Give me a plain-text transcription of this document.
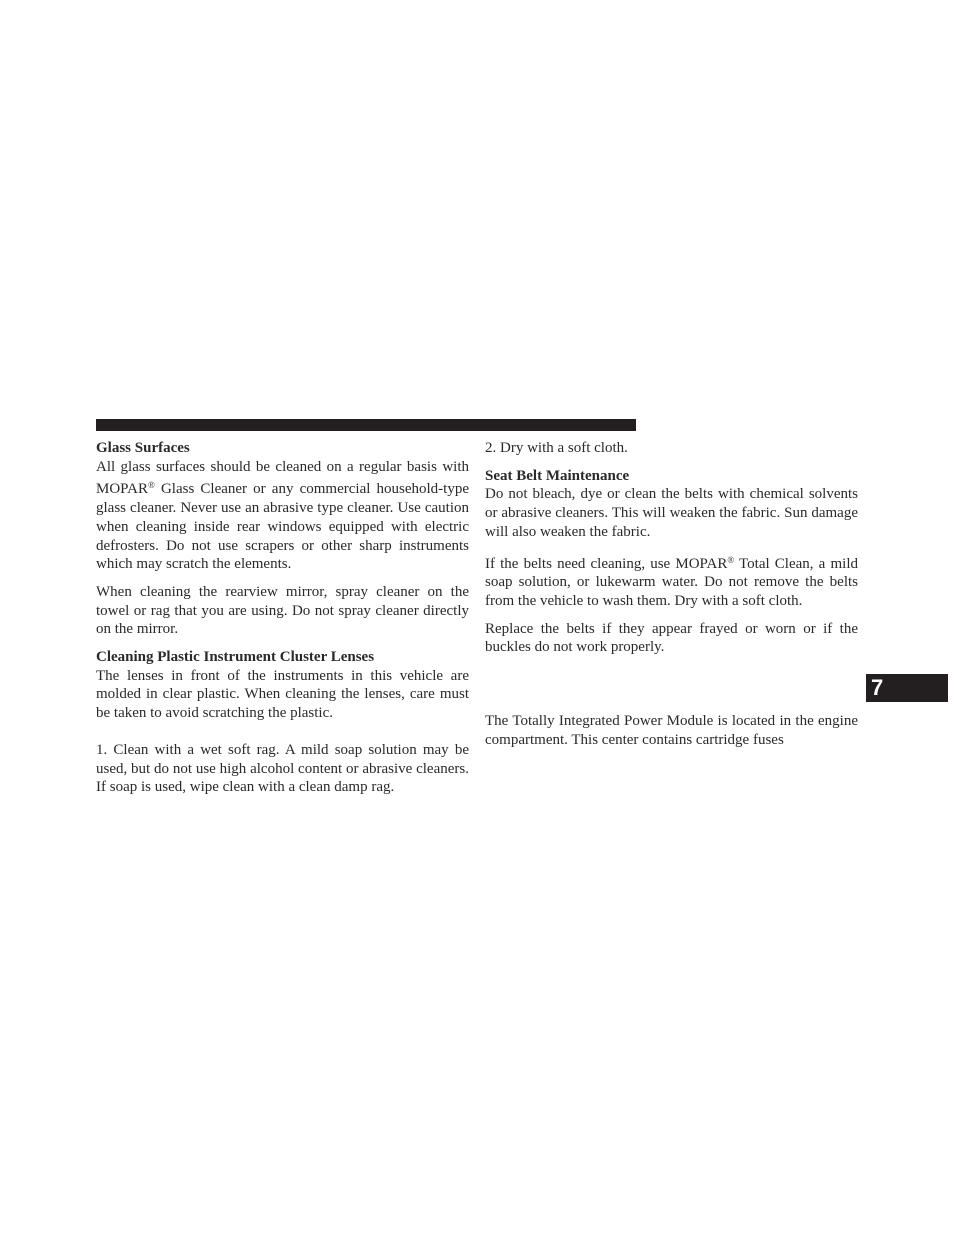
Glass Surfaces

All glass surfaces should be cleaned on a regular basis with MOPAR® Glass Cleaner or any commercial household-type glass cleaner. Never use an abrasive type cleaner. Use caution when cleaning inside rear windows equipped with electric defrosters. Do not use scrapers or other sharp instruments which may scratch the elements.

When cleaning the rearview mirror, spray cleaner on the towel or rag that you are using. Do not spray cleaner directly on the mirror.

Cleaning Plastic Instrument Cluster Lenses

The lenses in front of the instruments in this vehicle are molded in clear plastic. When cleaning the lenses, care must be taken to avoid scratching the plastic.

1. Clean with a wet soft rag. A mild soap solution may be used, but do not use high alcohol content or abrasive cleaners. If soap is used, wipe clean with a clean damp rag.

2. Dry with a soft cloth.

Seat Belt Maintenance

Do not bleach, dye or clean the belts with chemical solvents or abrasive cleaners. This will weaken the fabric. Sun damage will also weaken the fabric.

If the belts need cleaning, use MOPAR® Total Clean, a mild soap solution, or lukewarm water. Do not remove the belts from the vehicle to wash them. Dry with a soft cloth.

Replace the belts if they appear frayed or worn or if the buckles do not work properly.

The Totally Integrated Power Module is located in the engine compartment. This center contains cartridge fuses

7
